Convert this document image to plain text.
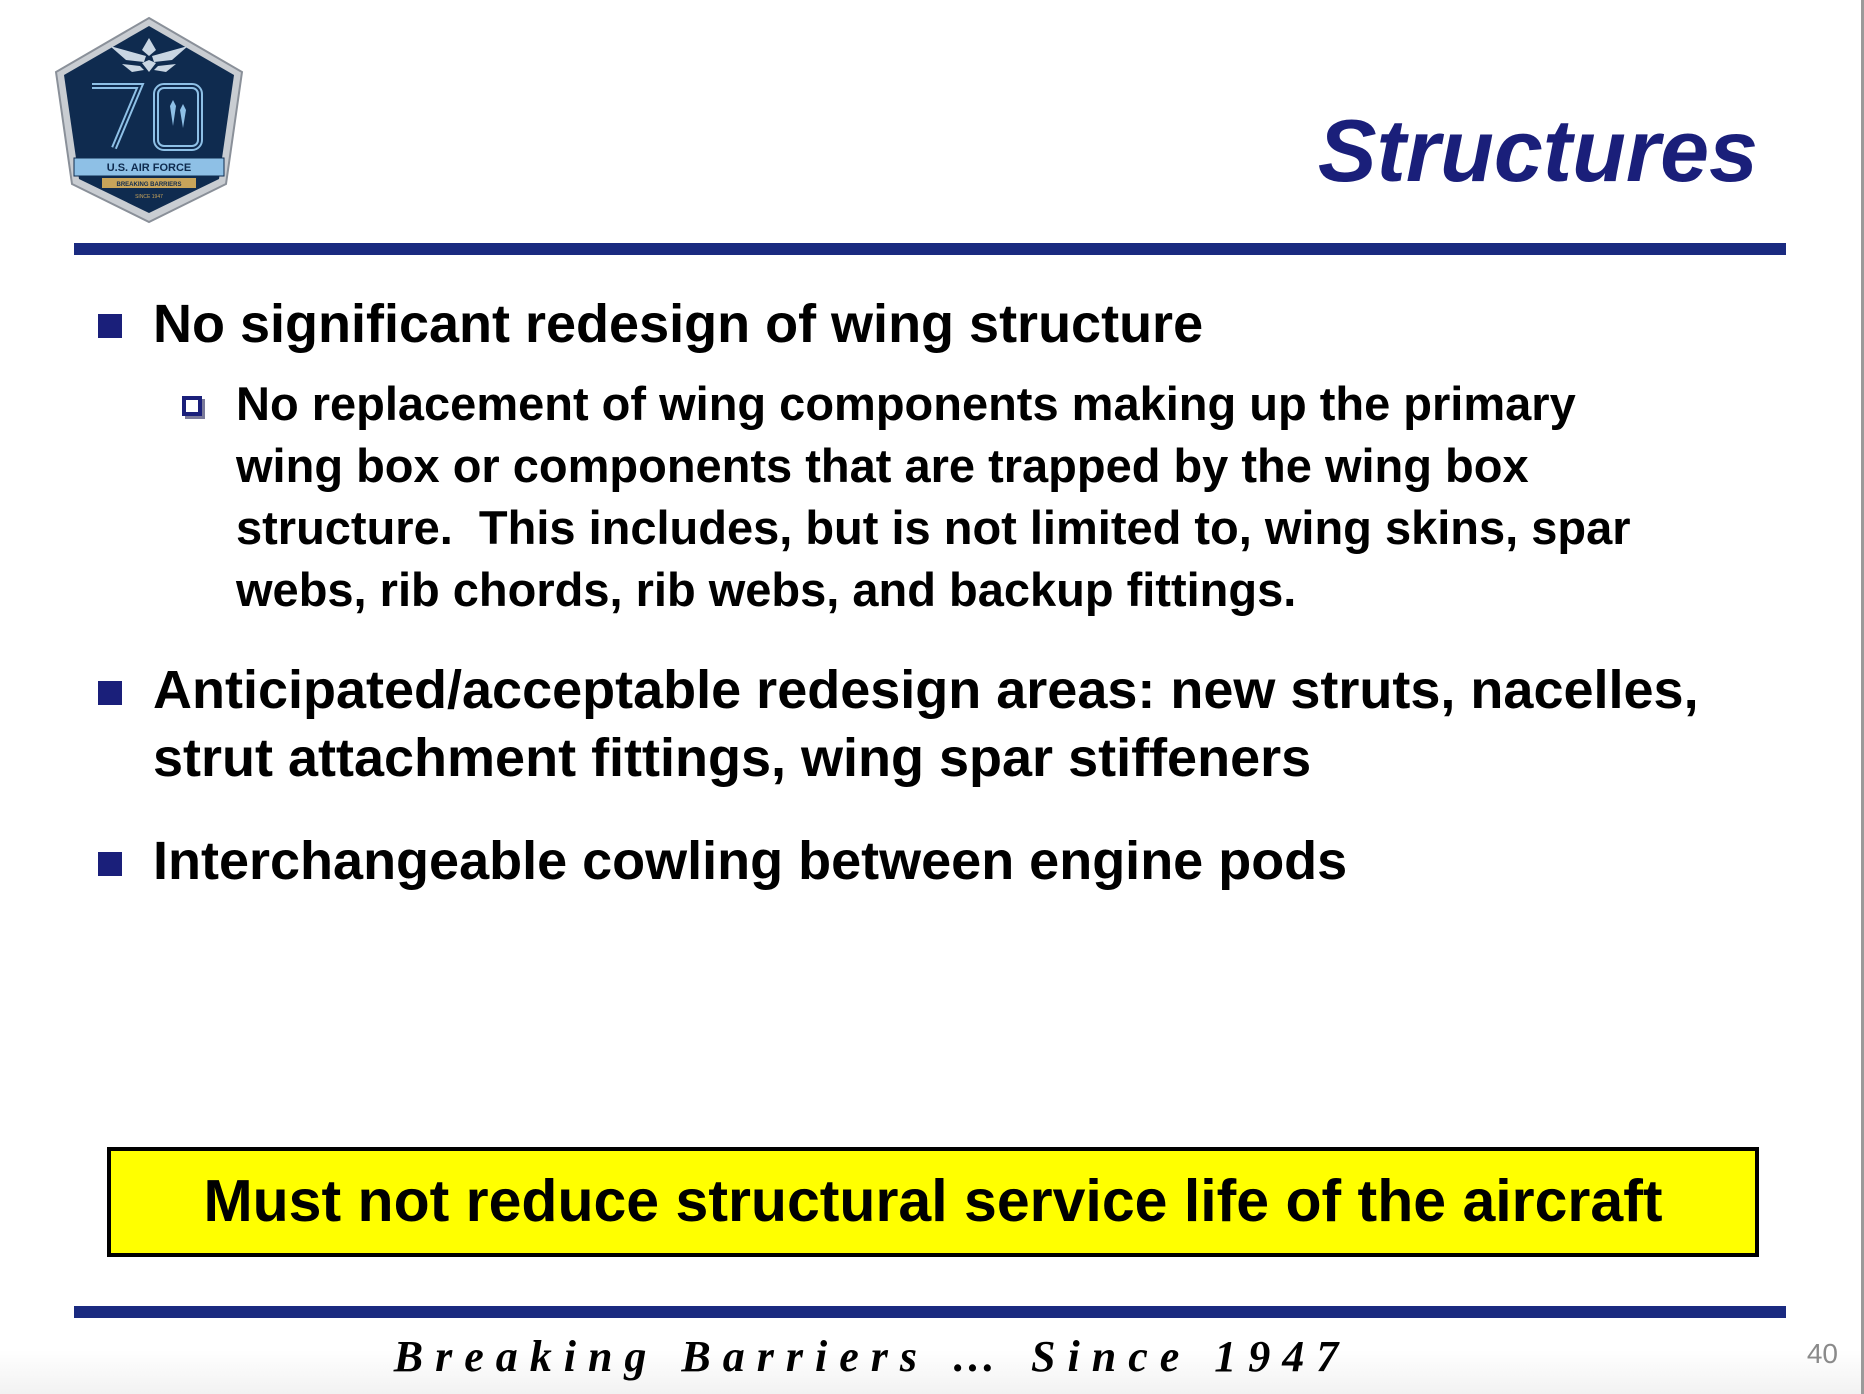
U.S. AIR FORCE
BREAKING BARRIERS
SINCE 1947	Structures
No significant redesign of wing structure
No replacement of wing components making up the primary
wing box or components that are trapped by the wing box
structure.  This includes, but is not limited to, wing skins, spar
webs, rib chords, rib webs, and backup fittings.
Anticipated/acceptable redesign areas: new struts, nacelles,
strut attachment fittings, wing spar stiffeners
Interchangeable cowling between engine pods
Must not reduce structural service life of the aircraft
Breaking Barriers … Since 1947	40
